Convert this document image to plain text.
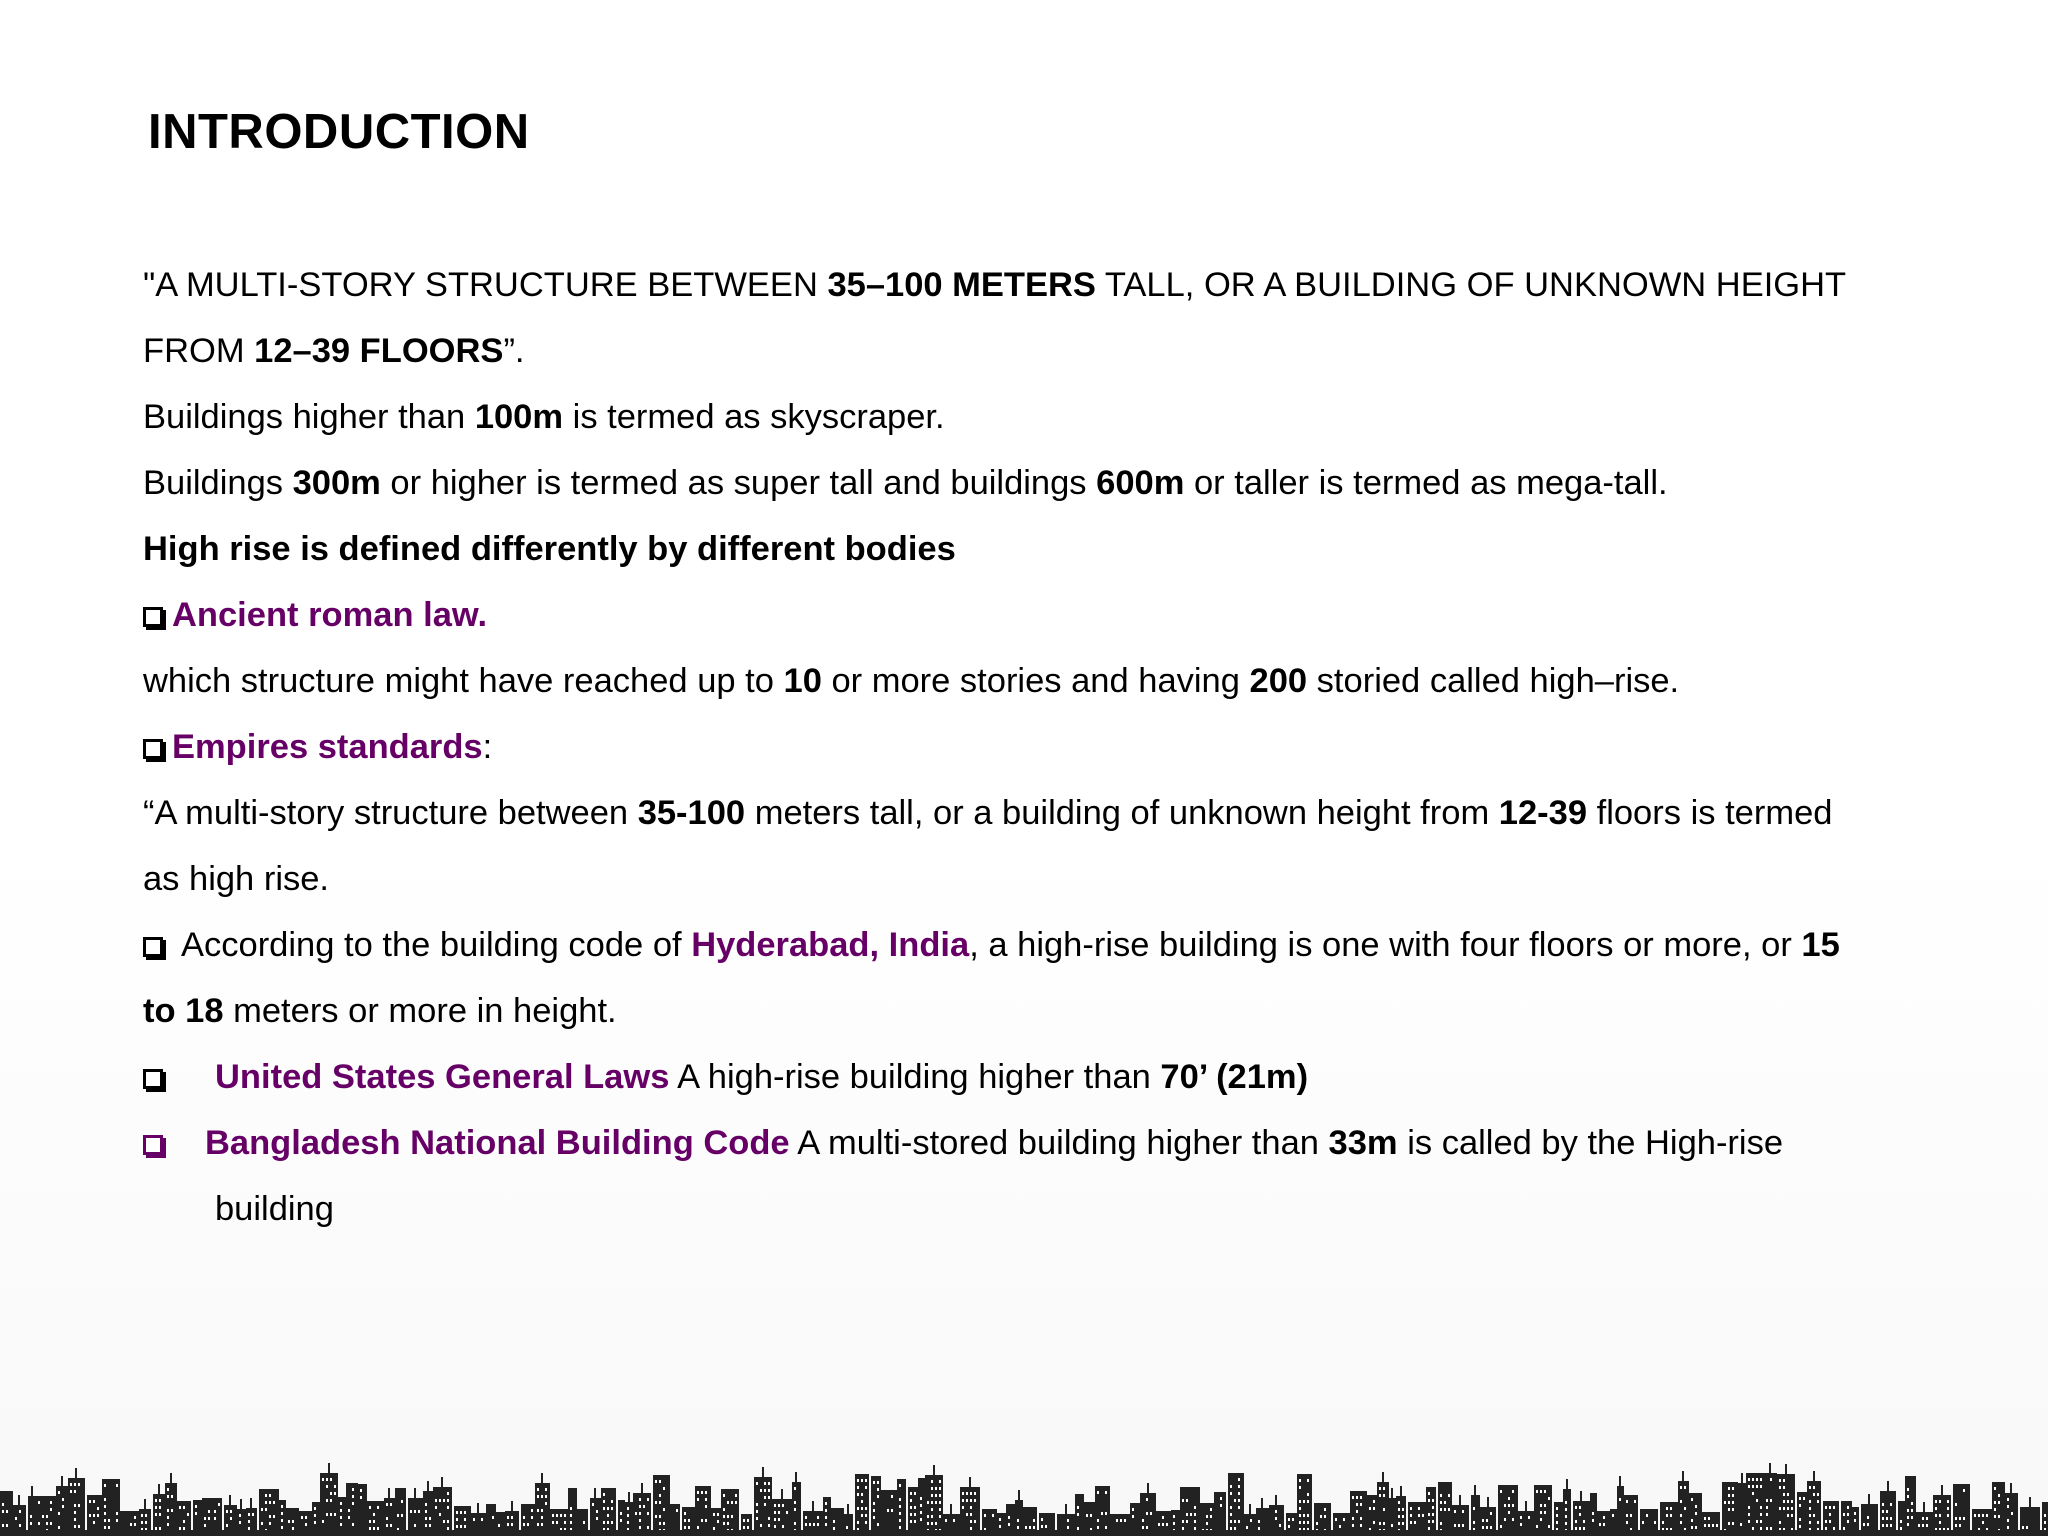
INTRODUCTION
"A MULTI-STORY STRUCTURE BETWEEN 35–100 METERS TALL, OR A BUILDING OF UNKNOWN HEIGHT
FROM 12–39 FLOORS”.
Buildings higher than 100m is termed as skyscraper.
Buildings 300m or higher is termed as super tall and buildings 600m or taller is termed as mega-tall.
High rise is defined differently by different bodies
Ancient roman law.
which structure might have reached up to 10 or more stories and having 200 storied called high–rise.
Empires standards:
“A multi-story structure between 35-100 meters tall, or a building of unknown height from 12-39 floors is termed
as high rise.
According to the building code of Hyderabad, India, a high-rise building is one with four floors or more, or 15
to 18 meters or more in height.
United States General Laws A high-rise building higher than 70’ (21m)
Bangladesh National Building Code A multi-stored building higher than 33m is called by the High-rise
building
